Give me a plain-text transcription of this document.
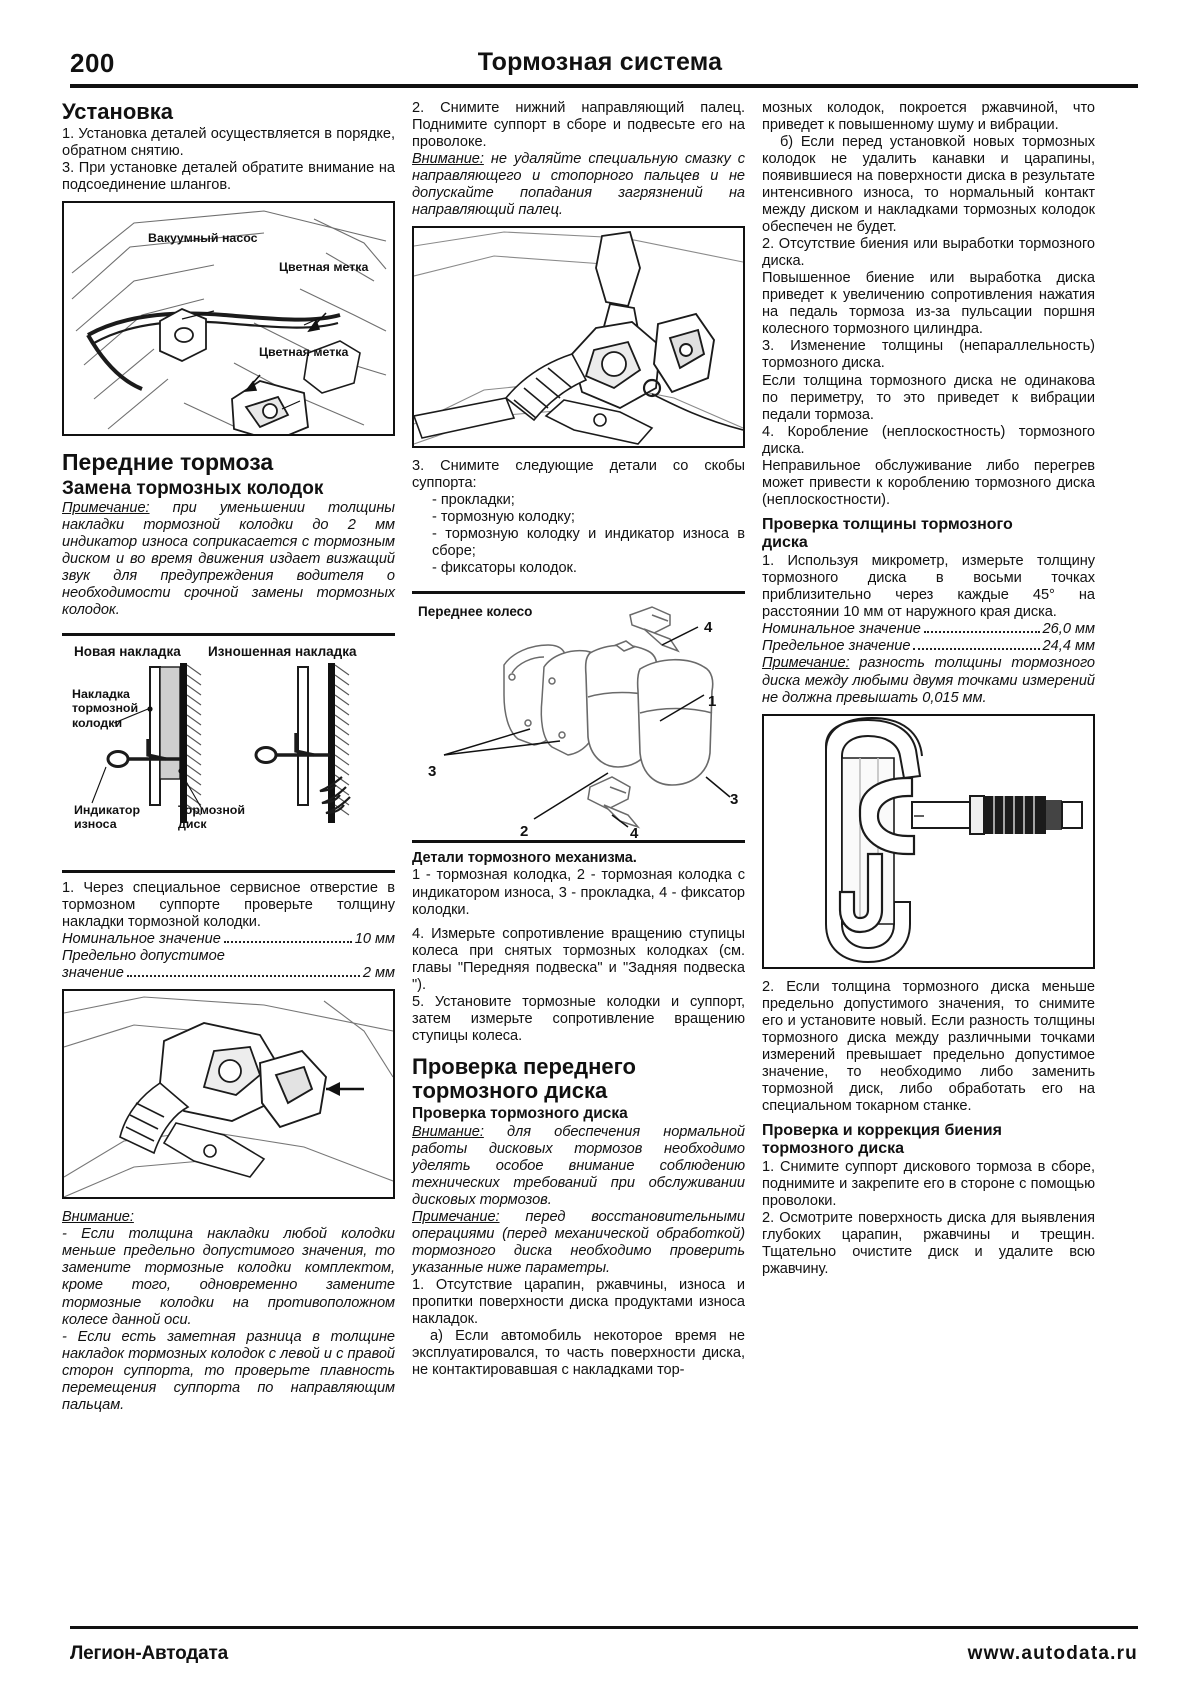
200	Тормозная система
Установка

1. Установка деталей осуществляется в порядке, обратном снятию.

3. При установке деталей обратите внимание на подсоединение шлангов.

Вакуумный насос
Цветная метка
Цветная метка
Передние тормоза
Замена тормозных колодок

Примечание: при уменьшении толщины накладки тормозной колодки до 2 мм индикатор износа соприкасается с тормозным диском и во время движения издает визжащий звук для предупреждения водителя о необходимости срочной замены тормозных колодок.

Новая накладка Изношенная накладка
Накладка
тормозной
колодки
Индикатор
износа
Тормозной
диск

1. Через специальное сервисное отверстие в тормозном суппорте проверьте толщину накладки тормозной колодки.

Номинальное значение	10 мм

Предельно допустимое

значение	2 мм

Внимание:

- Если толщина накладки любой колодки меньше предельно допустимого значения, то замените тормозные колодки комплектом, кроме того, одновременно замените тормозные колодки на противоположном колесе данной оси.

- Если есть заметная разница в толщине накладок тормозных колодок с левой и с правой сторон суппорта, то проверьте плавность перемещения суппорта по направляющим пальцам.

2. Снимите нижний направляющий палец. Поднимите суппорт в сборе и подвесьте его на проволоке.

Внимание: не удаляйте специальную смазку с направляющего и стопорного пальцев и не допускайте попадания загрязнений на направляющий палец.

3. Снимите следующие детали со скобы суппорта:

- прокладки;

- тормозную колодку;

- тормозную колодку и индикатор износа в сборе;

- фиксаторы колодок.

Переднее колесо
3
2
1
4
4
3

Детали тормозного механизма.

1 - тормозная колодка, 2 - тормозная колодка с индикатором износа, 3 - прокладка, 4 - фиксатор колодки.

4. Измерьте сопротивление вращению ступицы колеса при снятых тормозных колодках (см. главы "Передняя подвеска" и "Задняя подвеска ").

5. Установите тормозные колодки и суппорт, затем измерьте сопротивление вращению ступицы колеса.

Проверка переднего
тормозного диска
Проверка тормозного диска

Внимание: для обеспечения нормальной работы дисковых тормозов необходимо уделять особое внимание соблюдению технических требований при обслуживании дисковых тормозов.

Примечание: перед восстановительными операциями (перед механической обработкой) тормозного диска необходимо проверить указанные ниже параметры.

1. Отсутствие царапин, ржавчины, износа и пропитки поверхности диска продуктами износа накладок.

а) Если автомобиль некоторое время не эксплуатировался, то часть поверхности диска, не контактировавшая с накладками тор-

мозных колодок, покроется ржавчиной, что приведет к повышенному шуму и вибрации.

б) Если перед установкой новых тормозных колодок не удалить канавки и царапины, появившиеся на поверхности диска в результате интенсивного износа, то нормальный контакт между диском и накладками тормозных колодок обеспечен не будет.

2. Отсутствие биения или выработки тормозного диска.

Повышенное биение или выработка диска приведет к увеличению сопротивления нажатия на педаль тормоза из-за пульсации поршня колесного тормозного цилиндра.

3. Изменение толщины (непараллельность) тормозного диска.

Если толщина тормозного диска не одинакова по периметру, то это приведет к вибрации педали тормоза.

4. Коробление (неплоскостность) тормозного диска.

Неправильное обслуживание либо перегрев может привести к короблению тормозного диска (неплоскостности).

Проверка толщины тормозного
диска

1. Используя микрометр, измерьте толщину тормозного диска в восьми точках приблизительно через каждые 45° на расстоянии 10 мм от наружного края диска.

Номинальное значение	26,0 мм
Предельное значение	24,4 мм

Примечание: разность толщины тормозного диска между любыми двумя точками измерений не должна превышать 0,015 мм.

2. Если толщина тормозного диска меньше предельно допустимого значения, то снимите его и установите новый. Если разность толщины тормозного диска между различными точками измерений превышает предельно допустимое значение, то необходимо либо заменить тормозной диск, либо обработать его на специальном токарном станке.

Проверка и коррекция биения
тормозного диска

1. Снимите суппорт дискового тормоза в сборе, поднимите и закрепите его в стороне с помощью проволоки.

2. Осмотрите поверхность диска для выявления глубоких царапин, ржавчины и трещин. Тщательно очистите диск и удалите всю ржавчину.

Легион-Автодата	www.autodata.ru
